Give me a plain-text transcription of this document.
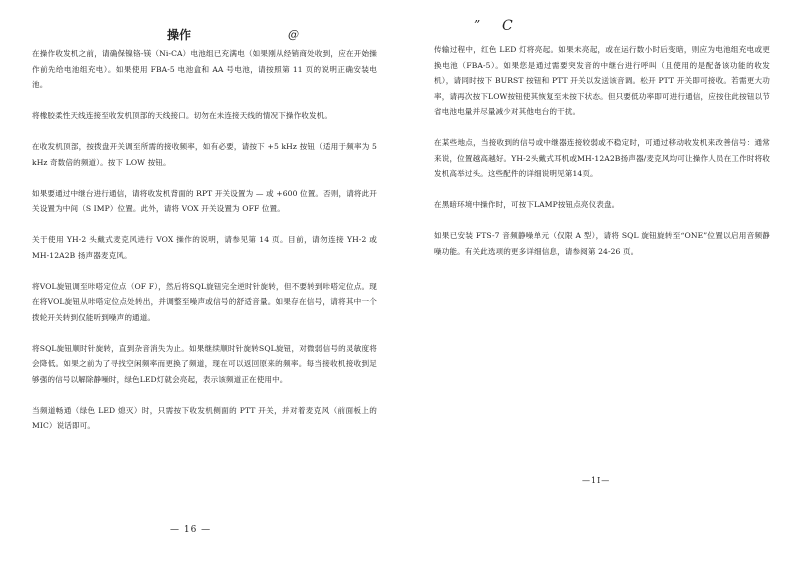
操作	@

在操作收发机之前，请确保镍铬-镁（Ni-CA）电池组已充满电（如果刚从经销商处收到，应在开始操作前先给电池组充电）。如果使用 FBA-5 电池盒和 AA 号电池，请按照第 11 页的说明正确安装电池。

将橡胶柔性天线连接至收发机顶部的天线接口。切勿在未连接天线的情况下操作收发机。

在收发机顶部，按拨盘开关调至所需的接收频率，如有必要，请按下 +5 kHz 按钮（适用于频率为 5 kHz 奇数倍的频道）。按下 LOW 按钮。

如果要通过中继台进行通信，请将收发机背面的 RPT 开关设置为 — 或 +600 位置。否则，请将此开关设置为中间（S IMP）位置。此外，请将 VOX 开关设置为 OFF 位置。

关于使用 YH-2 头戴式麦克风进行 VOX 操作的说明，请参见第 14 页。目前，请勿连接 YH-2 或 MH-12A2B 扬声器麦克风。

将VOL旋钮调至咔嗒定位点（OF F），然后将SQL旋钮完全逆时针旋转，但不要转到咔嗒定位点。现在将VOL旋钮从咔嗒定位点处转出，并调整至噪声或信号的舒适音量。如果存在信号，请将其中一个拨轮开关转到仅能听到噪声的通道。

将SQL旋钮顺时针旋转，直到杂音消失为止。如果继续顺时针旋转SQL旋钮，对微弱信号的灵敏度将会降低。如果之前为了寻找空闲频率而更换了频道，现在可以返回原来的频率。每当接收机接收到足够强的信号以解除静噪时，绿色LED灯就会亮起，表示该频道正在使用中。

当频道畅通（绿色 LED 熄灭）时，只需按下收发机侧面的 PTT 开关，并对着麦克风（前面板上的 MIC）说话即可。

— 16 —
” C

传输过程中，红色 LED 灯将亮起。如果未亮起，或在运行数小时后变暗，则应为电池组充电或更换电池（FBA-5）。如果您是通过需要突发音的中继台进行呼叫（且使用的是配备该功能的收发机），请同时按下 BURST 按钮和 PTT 开关以发送该音调。松开 PTT 开关即可接收。若需更大功率，请再次按下LOW按钮使其恢复至未按下状态。但只要低功率即可进行通信，应按住此按钮以节省电池电量并尽量减少对其他电台的干扰。

在某些地点，当接收到的信号或中继器连接较弱或不稳定时，可通过移动收发机来改善信号：通常来说，位置越高越好。YH-2头戴式耳机或MH-12A2B扬声器/麦克风均可让操作人员在工作时将收发机高举过头。这些配件的详细说明见第14页。

在黑暗环境中操作时，可按下LAMP按钮点亮仪表盘。

如果已安装 FTS-7 音频静噪单元（仅限 A 型），请将 SQL 旋钮旋转至“ONE”位置以启用音频静噪功能。有关此选项的更多详细信息，请参阅第 24-26 页。

—1I—
